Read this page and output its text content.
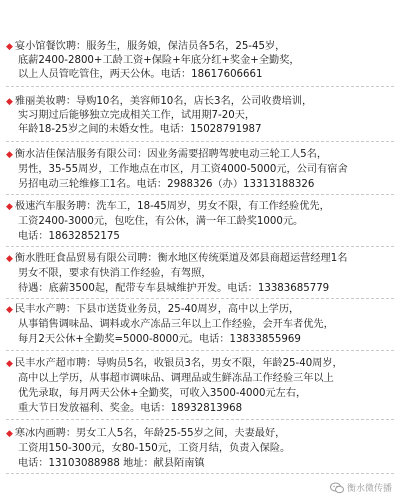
◆ 宴小馆餐饮聘：服务生，服务娘，保洁员各5名，25-45岁，
底薪2400-2800+工龄工资+保险+年底分红+奖金+全勤奖，
以上人员管吃管住，两天公休。电话：18617606661
◆ 雅丽美妆聘：导购10名，美容师10名，店长3名，公司收费培训，
实习期过后能够独立完成相关工作，试用期7-20天，
年龄18-25岁之间的未婚女性。电话：15028791987
◆ 衡水洁佳保洁服务有限公司：因业务需要招聘驾驶电动三轮工人5名，
男性，35-55周岁，工作地点在市区，月工资4000-5000元，公司有宿舍
另招电动三轮维修工1名。电话：2988326（办）13313188326
◆ 极速汽车服务聘：洗车工，18-45周岁，男女不限，有工作经验优先，
工资2400-3000元，包吃住，有公休，满一年工龄奖1000元。
电话：18632852175
◆ 衡水胜旺食品贸易有限公司聘：衡水地区传统渠道及郊县商超运营经理1名
男女不限，要求有快消工作经验，有驾照，
待遇：底薪3500起，配带专车县城维护开发。电话：13383685779
◆ 民丰水产聘：下县市送货业务员，25-40周岁，高中以上学历，
从事销售调味品、调料或水产冻品三年以上工作经验，会开车者优先，
每月2天公休+全勤奖=5000-8000元。电话：13833855969
◆ 民丰水产超市聘：导购员5名，收银员3名，男女不限，年龄25-40周岁，
高中以上学历，从事超市调味品、调理品或生鲜冻品工作经验三年以上
优先录取，每月两天公休+全勤奖，可收入3500-4000元左右，
重大节日发放福利、奖金。电话：18932813968
◆ 寒冰内画聘：男女工人5名，年龄25-55岁之间，夫妻最好，
工资用150-300元，女80-150元，工资月结，负责入保险。
电话：13103088988 地址：献县陌南镇
衡水微传播
